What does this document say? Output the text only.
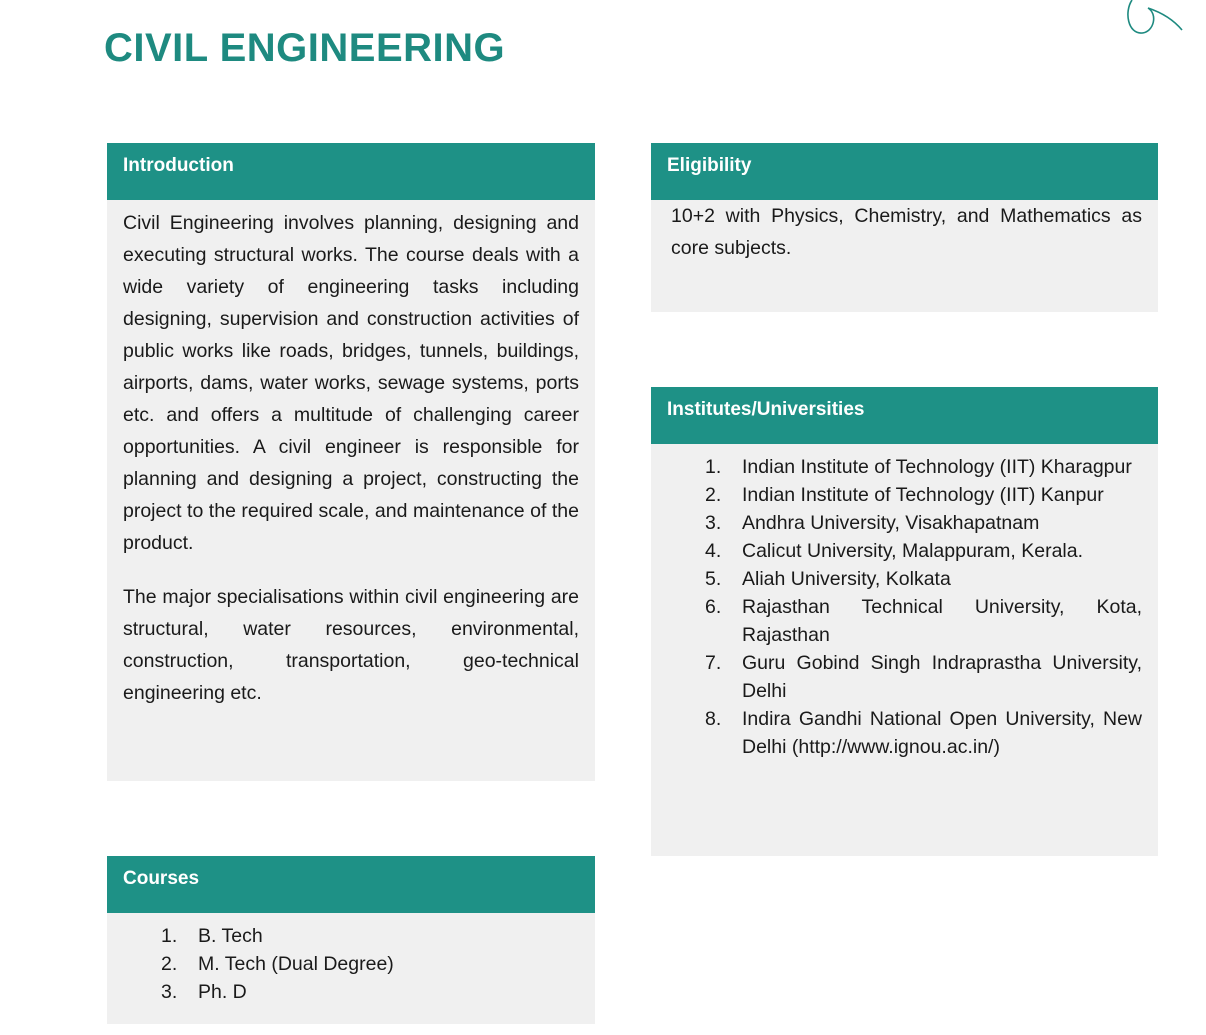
CIVIL ENGINEERING
Introduction

Civil Engineering involves planning, designing and executing structural works. The course deals with a wide variety of engineering tasks including designing, supervision and construction activities of public works like roads, bridges, tunnels, buildings, airports, dams, water works, sewage systems, ports etc. and offers a multitude of challenging career opportunities. A civil engineer is responsible for planning and designing a project, constructing the project to the required scale, and maintenance of the product.

The major specialisations within civil engineering are structural, water resources, environmental, construction, transportation, geo-technical engineering etc.

Eligibility

10+2 with Physics, Chemistry, and Mathematics as core subjects.

Institutes/Universities
1. Indian Institute of Technology (IIT) Kharagpur
2. Indian Institute of Technology (IIT) Kanpur
3. Andhra University, Visakhapatnam
4. Calicut University, Malappuram, Kerala.
5. Aliah University, Kolkata
6. Rajasthan Technical University, Kota, Rajasthan
7. Guru Gobind Singh Indraprastha University, Delhi
8. Indira Gandhi National Open University, New Delhi (http://www.ignou.ac.in/)
Courses
1. B. Tech
2. M. Tech (Dual Degree)
3. Ph. D
